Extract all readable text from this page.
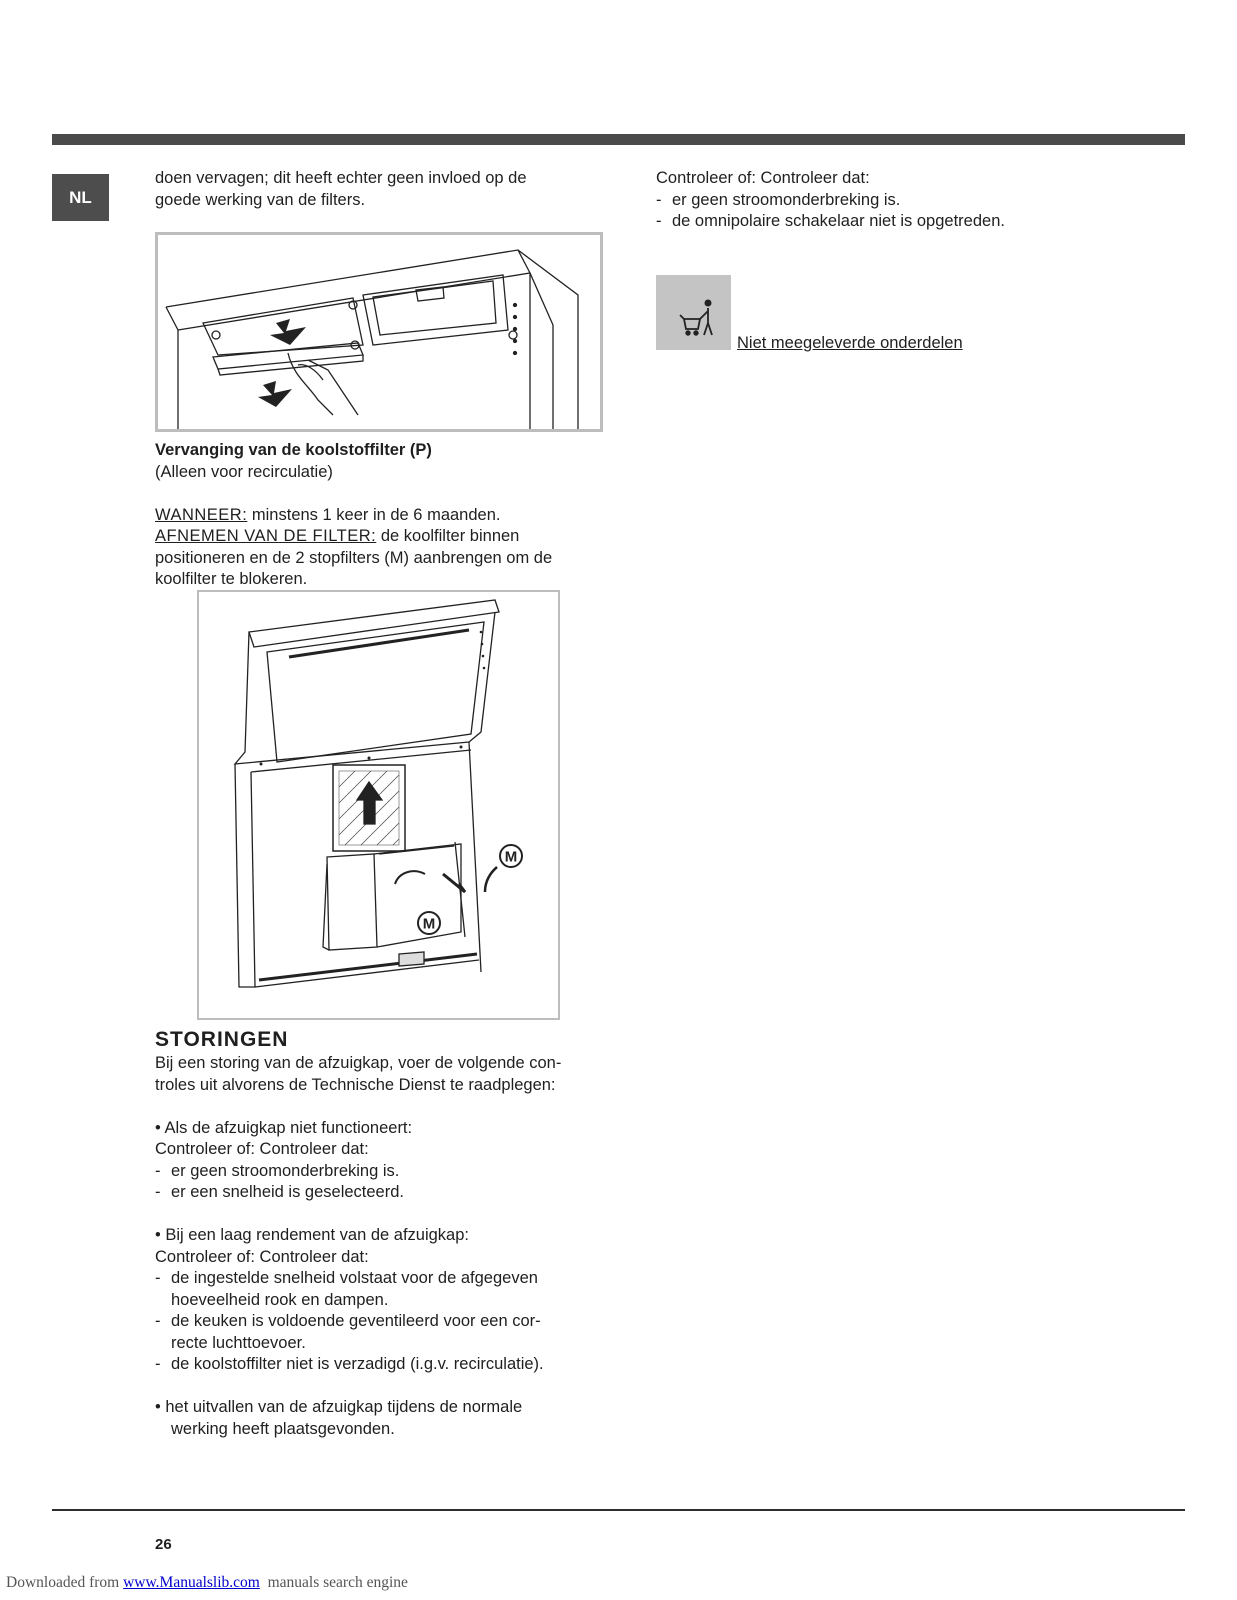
NL

doen vervagen; dit heeft echter geen invloed op de

goede werking van de filters.

Vervanging van de koolstoffilter (P)

(Alleen voor recirculatie)

WANNEER: minstens 1 keer in de 6 maanden.

AFNEMEN VAN DE FILTER: de koolfilter binnen

positioneren en de 2 stopfilters (M) aanbrengen om de

koolfilter te blokeren.

M
M
STORINGEN

Bij een storing van de afzuigkap, voer de volgende con-

troles uit alvorens de Technische Dienst te raadplegen:

• Als de afzuigkap niet functioneert:

Controleer of: Controleer dat:

- er geen stroomonderbreking is.
- er een snelheid is geselecteerd.

• Bij een laag rendement van de afzuigkap:

Controleer of: Controleer dat:

- de ingestelde snelheid volstaat voor de afgegeven
hoeveelheid rook en dampen.
- de keuken is voldoende geventileerd voor een cor-
recte luchttoevoer.
- de koolstoffilter niet is verzadigd (i.g.v. recirculatie).

• het uitvallen van de afzuigkap tijdens de normale

werking heeft plaatsgevonden.

Controleer of: Controleer dat:

- er geen stroomonderbreking is.
- de omnipolaire schakelaar niet is opgetreden.
Niet meegeleverde onderdelen
26
Downloaded from www.Manualslib.com  manuals search engine
